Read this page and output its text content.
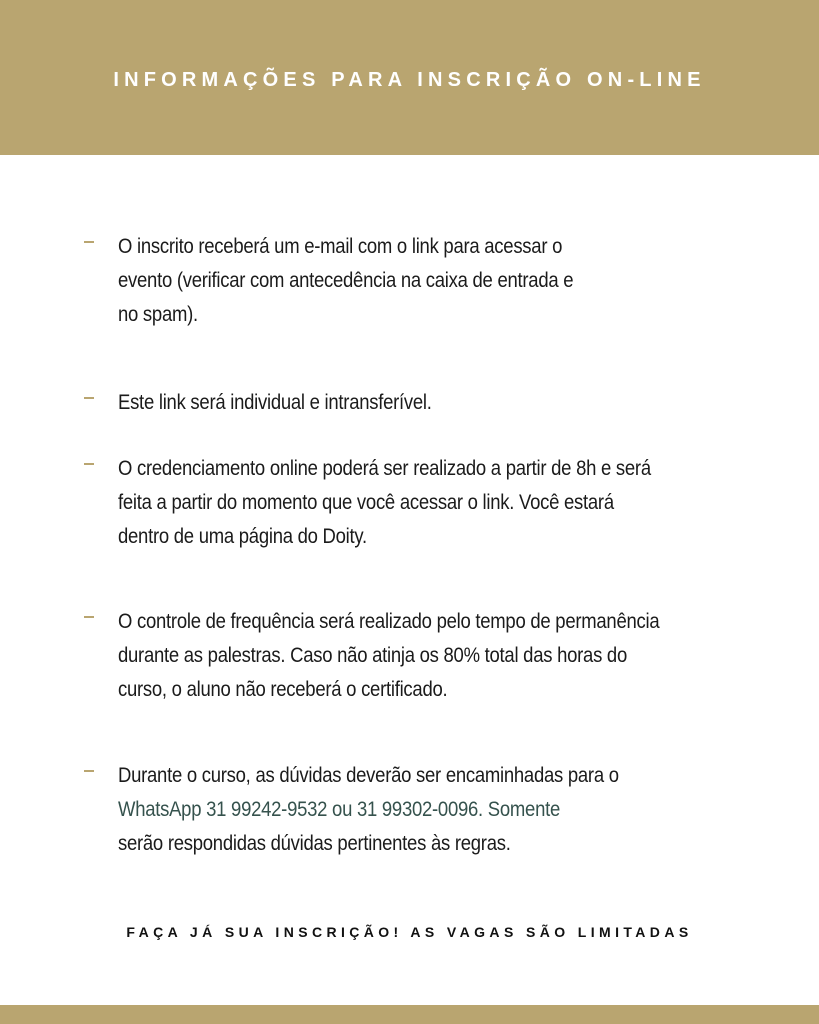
INFORMAÇÕES PARA INSCRIÇÃO ON-LINE
O inscrito receberá um e-mail com o link para acessar o
evento (verificar com antecedência na caixa de entrada e
no spam).
Este link será individual e intransferível.
O credenciamento online poderá ser realizado a partir de 8h e será
feita a partir do momento que você acessar o link. Você estará
dentro de uma página do Doity.
O controle de frequência será realizado pelo tempo de permanência
durante as palestras. Caso não atinja os 80% total das horas do
curso, o aluno não receberá o certificado.
Durante o curso, as dúvidas deverão ser encaminhadas para o
WhatsApp 31 99242-9532 ou 31 99302-0096. Somente
serão respondidas dúvidas pertinentes às regras.
FAÇA JÁ SUA INSCRIÇÃO! AS VAGAS SÃO LIMITADAS
